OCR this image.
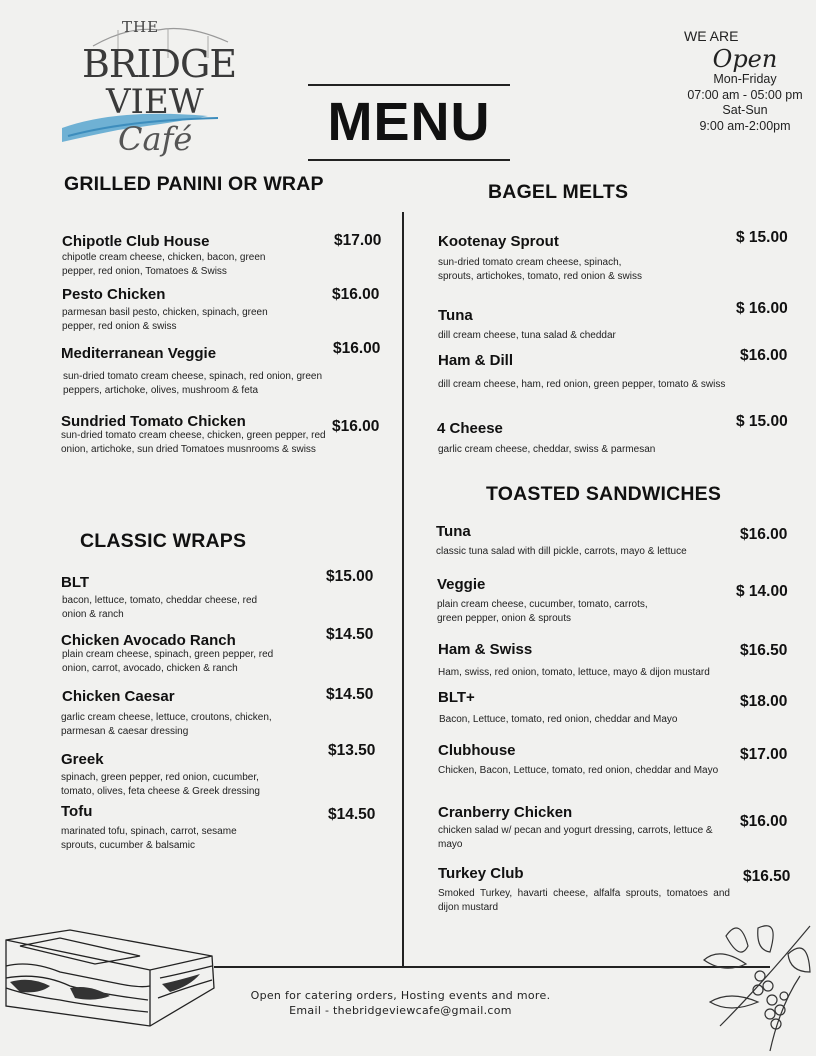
THE
BRIDGE
VIEW
Café	MENU
WE ARE
Open
Mon-Friday
07:00 am - 05:00 pm
Sat-Sun
9:00 am-2:00pm
GRILLED PANINI OR WRAP
CLASSIC WRAPS
BAGEL MELTS
TOASTED SANDWICHES
Chipotle Club House
chipotle cream cheese, chicken, bacon, green pepper, red onion, Tomatoes & Swiss
$17.00
Pesto Chicken
parmesan basil pesto, chicken, spinach, green pepper, red onion & swiss
$16.00
Mediterranean Veggie
sun-dried tomato cream cheese, spinach, red onion, green peppers, artichoke, olives, mushroom & feta
$16.00
Sundried Tomato Chicken
sun-dried tomato cream cheese, chicken, green pepper, red onion, artichoke, sun dried Tomatoes musnrooms & swiss
$16.00
BLT
bacon, lettuce, tomato, cheddar cheese, red onion & ranch
$15.00
Chicken Avocado Ranch
plain cream cheese, spinach, green pepper, red onion, carrot, avocado, chicken & ranch
$14.50
Chicken Caesar
garlic cream cheese, lettuce, croutons, chicken, parmesan & caesar dressing
$14.50
Greek
spinach, green pepper, red onion, cucumber, tomato, olives, feta cheese & Greek dressing
$13.50
Tofu
marinated tofu, spinach, carrot, sesame sprouts, cucumber & balsamic
$14.50
Kootenay Sprout
sun-dried tomato cream cheese, spinach, sprouts, artichokes, tomato, red onion & swiss
$ 15.00
Tuna
dill cream cheese, tuna salad & cheddar
$ 16.00
Ham & Dill
dill cream cheese, ham, red onion, green pepper, tomato & swiss
$16.00
4 Cheese
garlic cream cheese, cheddar, swiss & parmesan
$ 15.00
Tuna
classic tuna salad with dill pickle, carrots, mayo & lettuce
$16.00
Veggie
plain cream cheese, cucumber, tomato, carrots, green pepper, onion & sprouts
$ 14.00
Ham & Swiss
Ham, swiss, red onion, tomato, lettuce, mayo & dijon mustard
$16.50
BLT+
Bacon, Lettuce, tomato, red onion, cheddar and Mayo
$18.00
Clubhouse
Chicken, Bacon, Lettuce, tomato, red onion, cheddar and Mayo
$17.00
Cranberry Chicken
chicken salad w/ pecan and yogurt dressing, carrots, lettuce & mayo
$16.00
Turkey Club
Smoked Turkey, havarti cheese, alfalfa sprouts, tomatoes and dijon mustard
$16.50
Open for catering orders, Hosting events and more.
Email - thebridgeviewcafe@gmail.com
